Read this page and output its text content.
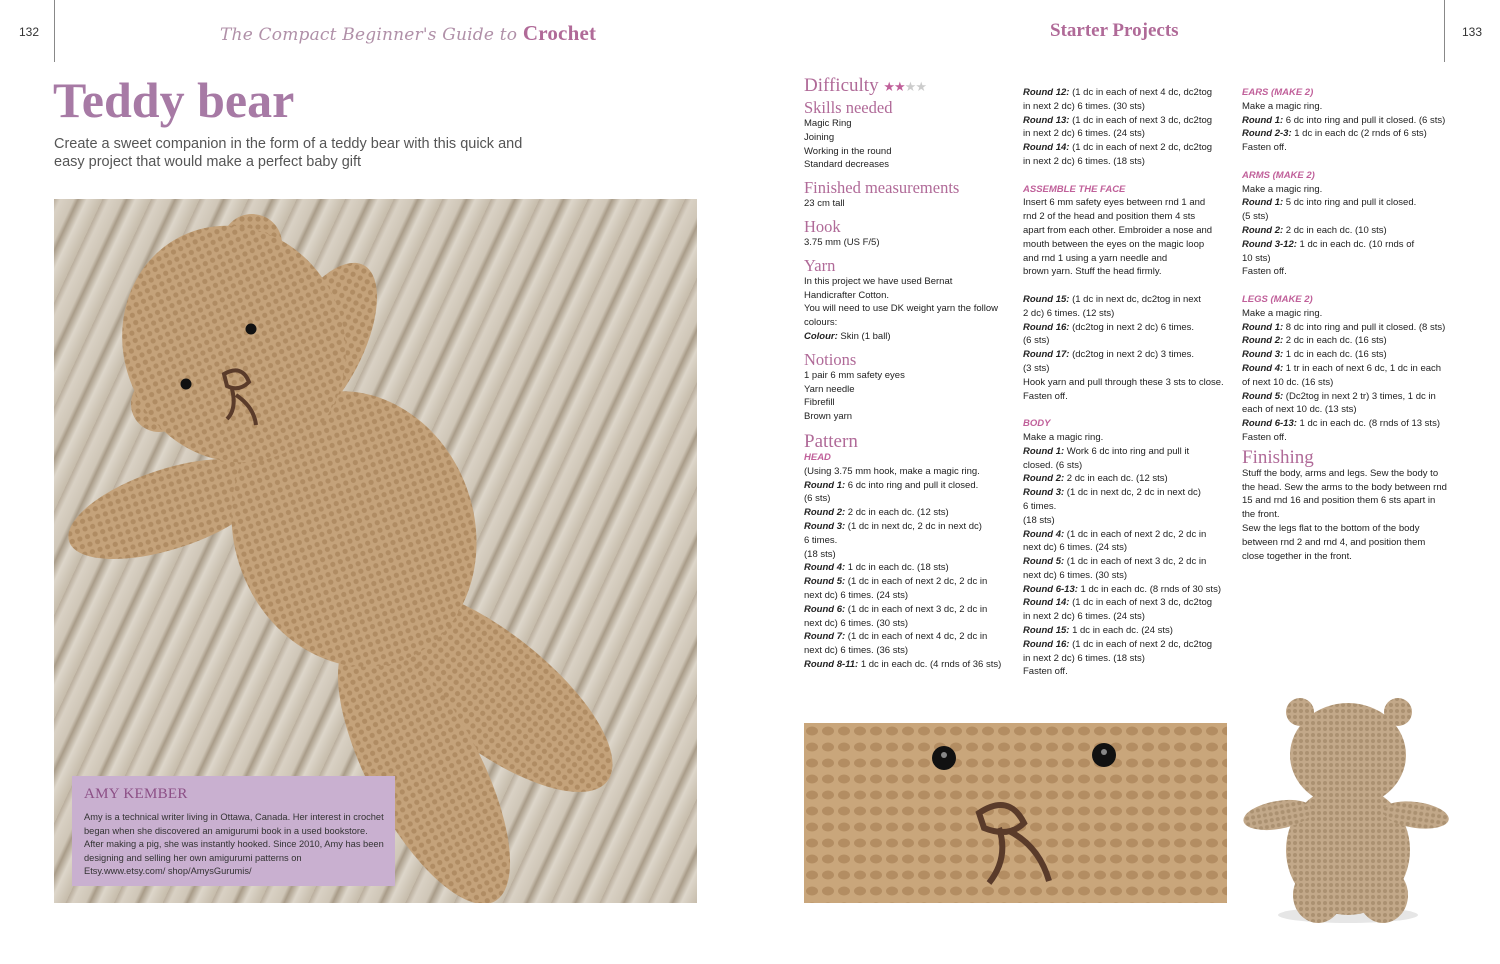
132	The Compact Beginner's Guide to Crochet
Teddy bear
Create a sweet companion in the form of a teddy bear with this quick and easy project that would make a perfect baby gift
AMY KEMBER
Amy is a technical writer living in Ottawa, Canada. Her interest in crochet began when she discovered an amigurumi book in a used bookstore. After making a pig, she was instantly hooked. Since 2010, Amy has been designing and selling her own amigurumi patterns on Etsy.www.etsy.com/ shop/AmysGurumis/
Starter Projects	133
Difficulty ★★★★
Skills needed
Magic Ring
Joining
Working in the round
Standard decreases
Finished measurements
23 cm tall
Hook
3.75 mm (US F/5)
Yarn
In this project we have used Bernat
Handicrafter Cotton.
You will need to use DK weight yarn the follow
colours:
Colour: Skin (1 ball)
Notions
1 pair 6 mm safety eyes
Yarn needle
Fibrefill
Brown yarn
Pattern
HEAD
(Using 3.75 mm hook, make a magic ring.
Round 1: 6 dc into ring and pull it closed.
(6 sts)
Round 2: 2 dc in each dc. (12 sts)
Round 3: (1 dc in next dc, 2 dc in next dc)
6 times.
(18 sts)
Round 4: 1 dc in each dc. (18 sts)
Round 5: (1 dc in each of next 2 dc, 2 dc in
next dc) 6 times. (24 sts)
Round 6: (1 dc in each of next 3 dc, 2 dc in
next dc) 6 times. (30 sts)
Round 7: (1 dc in each of next 4 dc, 2 dc in
next dc) 6 times. (36 sts)
Round 8-11: 1 dc in each dc. (4 rnds of 36 sts)
Round 12: (1 dc in each of next 4 dc, dc2tog
in next 2 dc) 6 times. (30 sts)
Round 13: (1 dc in each of next 3 dc, dc2tog
in next 2 dc) 6 times. (24 sts)
Round 14: (1 dc in each of next 2 dc, dc2tog
in next 2 dc) 6 times. (18 sts)
ASSEMBLE THE FACE
Insert 6 mm safety eyes between rnd 1 and
rnd 2 of the head and position them 4 sts
apart from each other. Embroider a nose and
mouth between the eyes on the magic loop
and rnd 1 using a yarn needle and
brown yarn. Stuff the head firmly.
Round 15: (1 dc in next dc, dc2tog in next
2 dc) 6 times. (12 sts)
Round 16: (dc2tog in next 2 dc) 6 times.
(6 sts)
Round 17: (dc2tog in next 2 dc) 3 times.
(3 sts)
Hook yarn and pull through these 3 sts to close.
Fasten off.
BODY
Make a magic ring.
Round 1: Work 6 dc into ring and pull it
closed. (6 sts)
Round 2: 2 dc in each dc. (12 sts)
Round 3: (1 dc in next dc, 2 dc in next dc)
6 times.
(18 sts)
Round 4: (1 dc in each of next 2 dc, 2 dc in
next dc) 6 times. (24 sts)
Round 5: (1 dc in each of next 3 dc, 2 dc in
next dc) 6 times. (30 sts)
Round 6-13: 1 dc in each dc. (8 rnds of 30 sts)
Round 14: (1 dc in each of next 3 dc, dc2tog
in next 2 dc) 6 times. (24 sts)
Round 15: 1 dc in each dc. (24 sts)
Round 16: (1 dc in each of next 2 dc, dc2tog
in next 2 dc) 6 times. (18 sts)
Fasten off.
EARS (MAKE 2)
Make a magic ring.
Round 1: 6 dc into ring and pull it closed. (6 sts)
Round 2-3: 1 dc in each dc (2 rnds of 6 sts)
Fasten off.
ARMS (MAKE 2)
Make a magic ring.
Round 1: 5 dc into ring and pull it closed.
(5 sts)
Round 2: 2 dc in each dc. (10 sts)
Round 3-12: 1 dc in each dc. (10 rnds of
10 sts)
Fasten off.
LEGS (MAKE 2)
Make a magic ring.
Round 1: 8 dc into ring and pull it closed. (8 sts)
Round 2: 2 dc in each dc. (16 sts)
Round 3: 1 dc in each dc. (16 sts)
Round 4: 1 tr in each of next 6 dc, 1 dc in each
of next 10 dc. (16 sts)
Round 5: (Dc2tog in next 2 tr) 3 times, 1 dc in
each of next 10 dc. (13 sts)
Round 6-13: 1 dc in each dc. (8 rnds of 13 sts)
Fasten off.
Finishing
Stuff the body, arms and legs. Sew the body to
the head. Sew the arms to the body between rnd
15 and rnd 16 and position them 6 sts apart in
the front.
Sew the legs flat to the bottom of the body
between rnd 2 and rnd 4, and position them
close together in the front.
